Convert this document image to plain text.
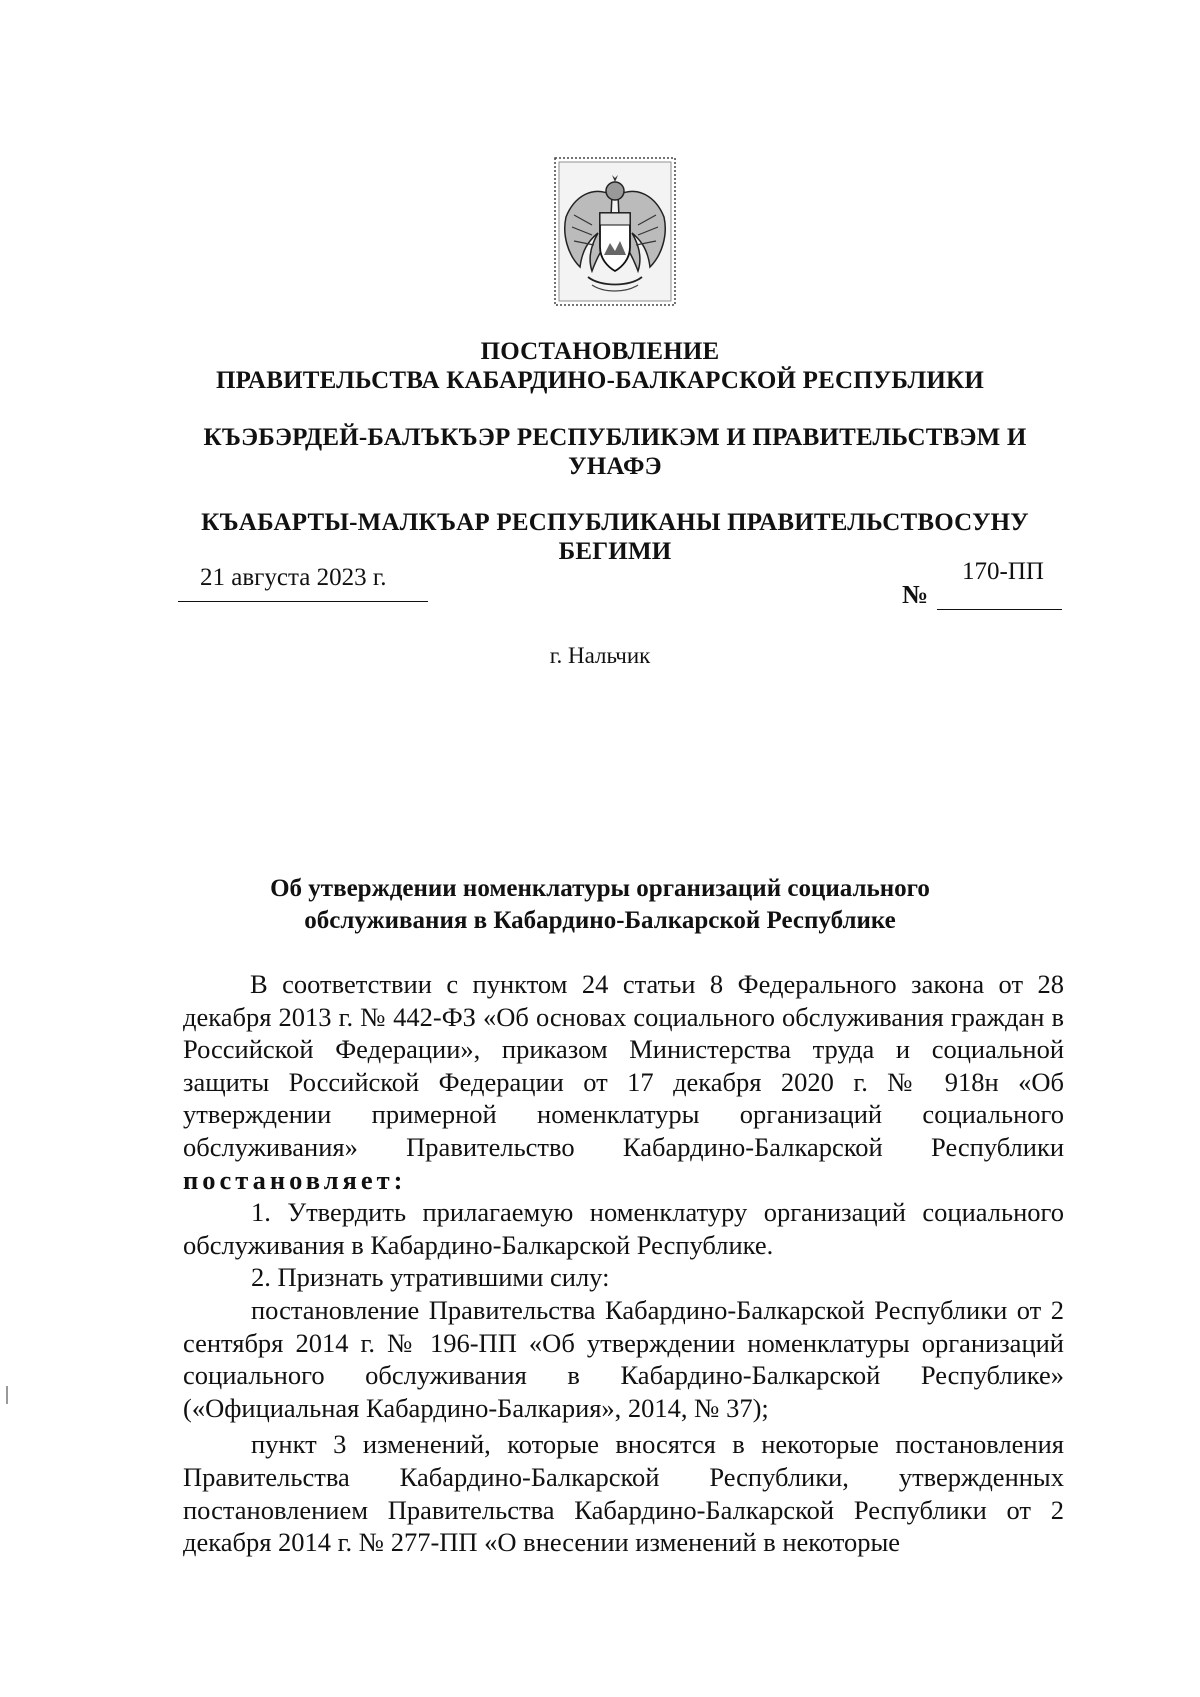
ПОСТАНОВЛЕНИЕ
ПРАВИТЕЛЬСТВА КАБАРДИНО-БАЛКАРСКОЙ РЕСПУБЛИКИ
КЪЭБЭРДЕЙ-БАЛЪКЪЭР РЕСПУБЛИКЭМ И ПРАВИТЕЛЬСТВЭМ И УНАФЭ
КЪАБАРТЫ-МАЛКЪАР РЕСПУБЛИКАНЫ ПРАВИТЕЛЬСТВОСУНУ БЕГИМИ
21 августа 2023 г.
№
170-ПП
г. Нальчик
Об утверждении номенклатуры организаций социального
обслуживания в Кабардино-Балкарской Республике

В соответствии с пунктом 24 статьи 8 Федерального закона от 28 декабря 2013 г. № 442-ФЗ «Об основах социального обслуживания граждан в Российской Федерации», приказом Министерства труда и социальной защиты Российской Федерации от 17 декабря 2020 г. № 918н «Об утверждении примерной номенклатуры организаций социального обслуживания» Правительство Кабардино-Балкарской Республики постановляет:

1. Утвердить прилагаемую номенклатуру организаций социального обслуживания в Кабардино-Балкарской Республике.

2. Признать утратившими силу:

постановление Правительства Кабардино-Балкарской Республики от 2 сентября 2014 г. № 196-ПП «Об утверждении номенклатуры организаций социального обслуживания в Кабардино-Балкарской Республике» («Официальная Кабардино-Балкария», 2014, № 37);

пункт 3 изменений, которые вносятся в некоторые постановления Правительства Кабардино-Балкарской Республики, утвержденных постановлением Правительства Кабардино-Балкарской Республики от 2 декабря 2014 г. № 277-ПП «О внесении изменений в некоторые
